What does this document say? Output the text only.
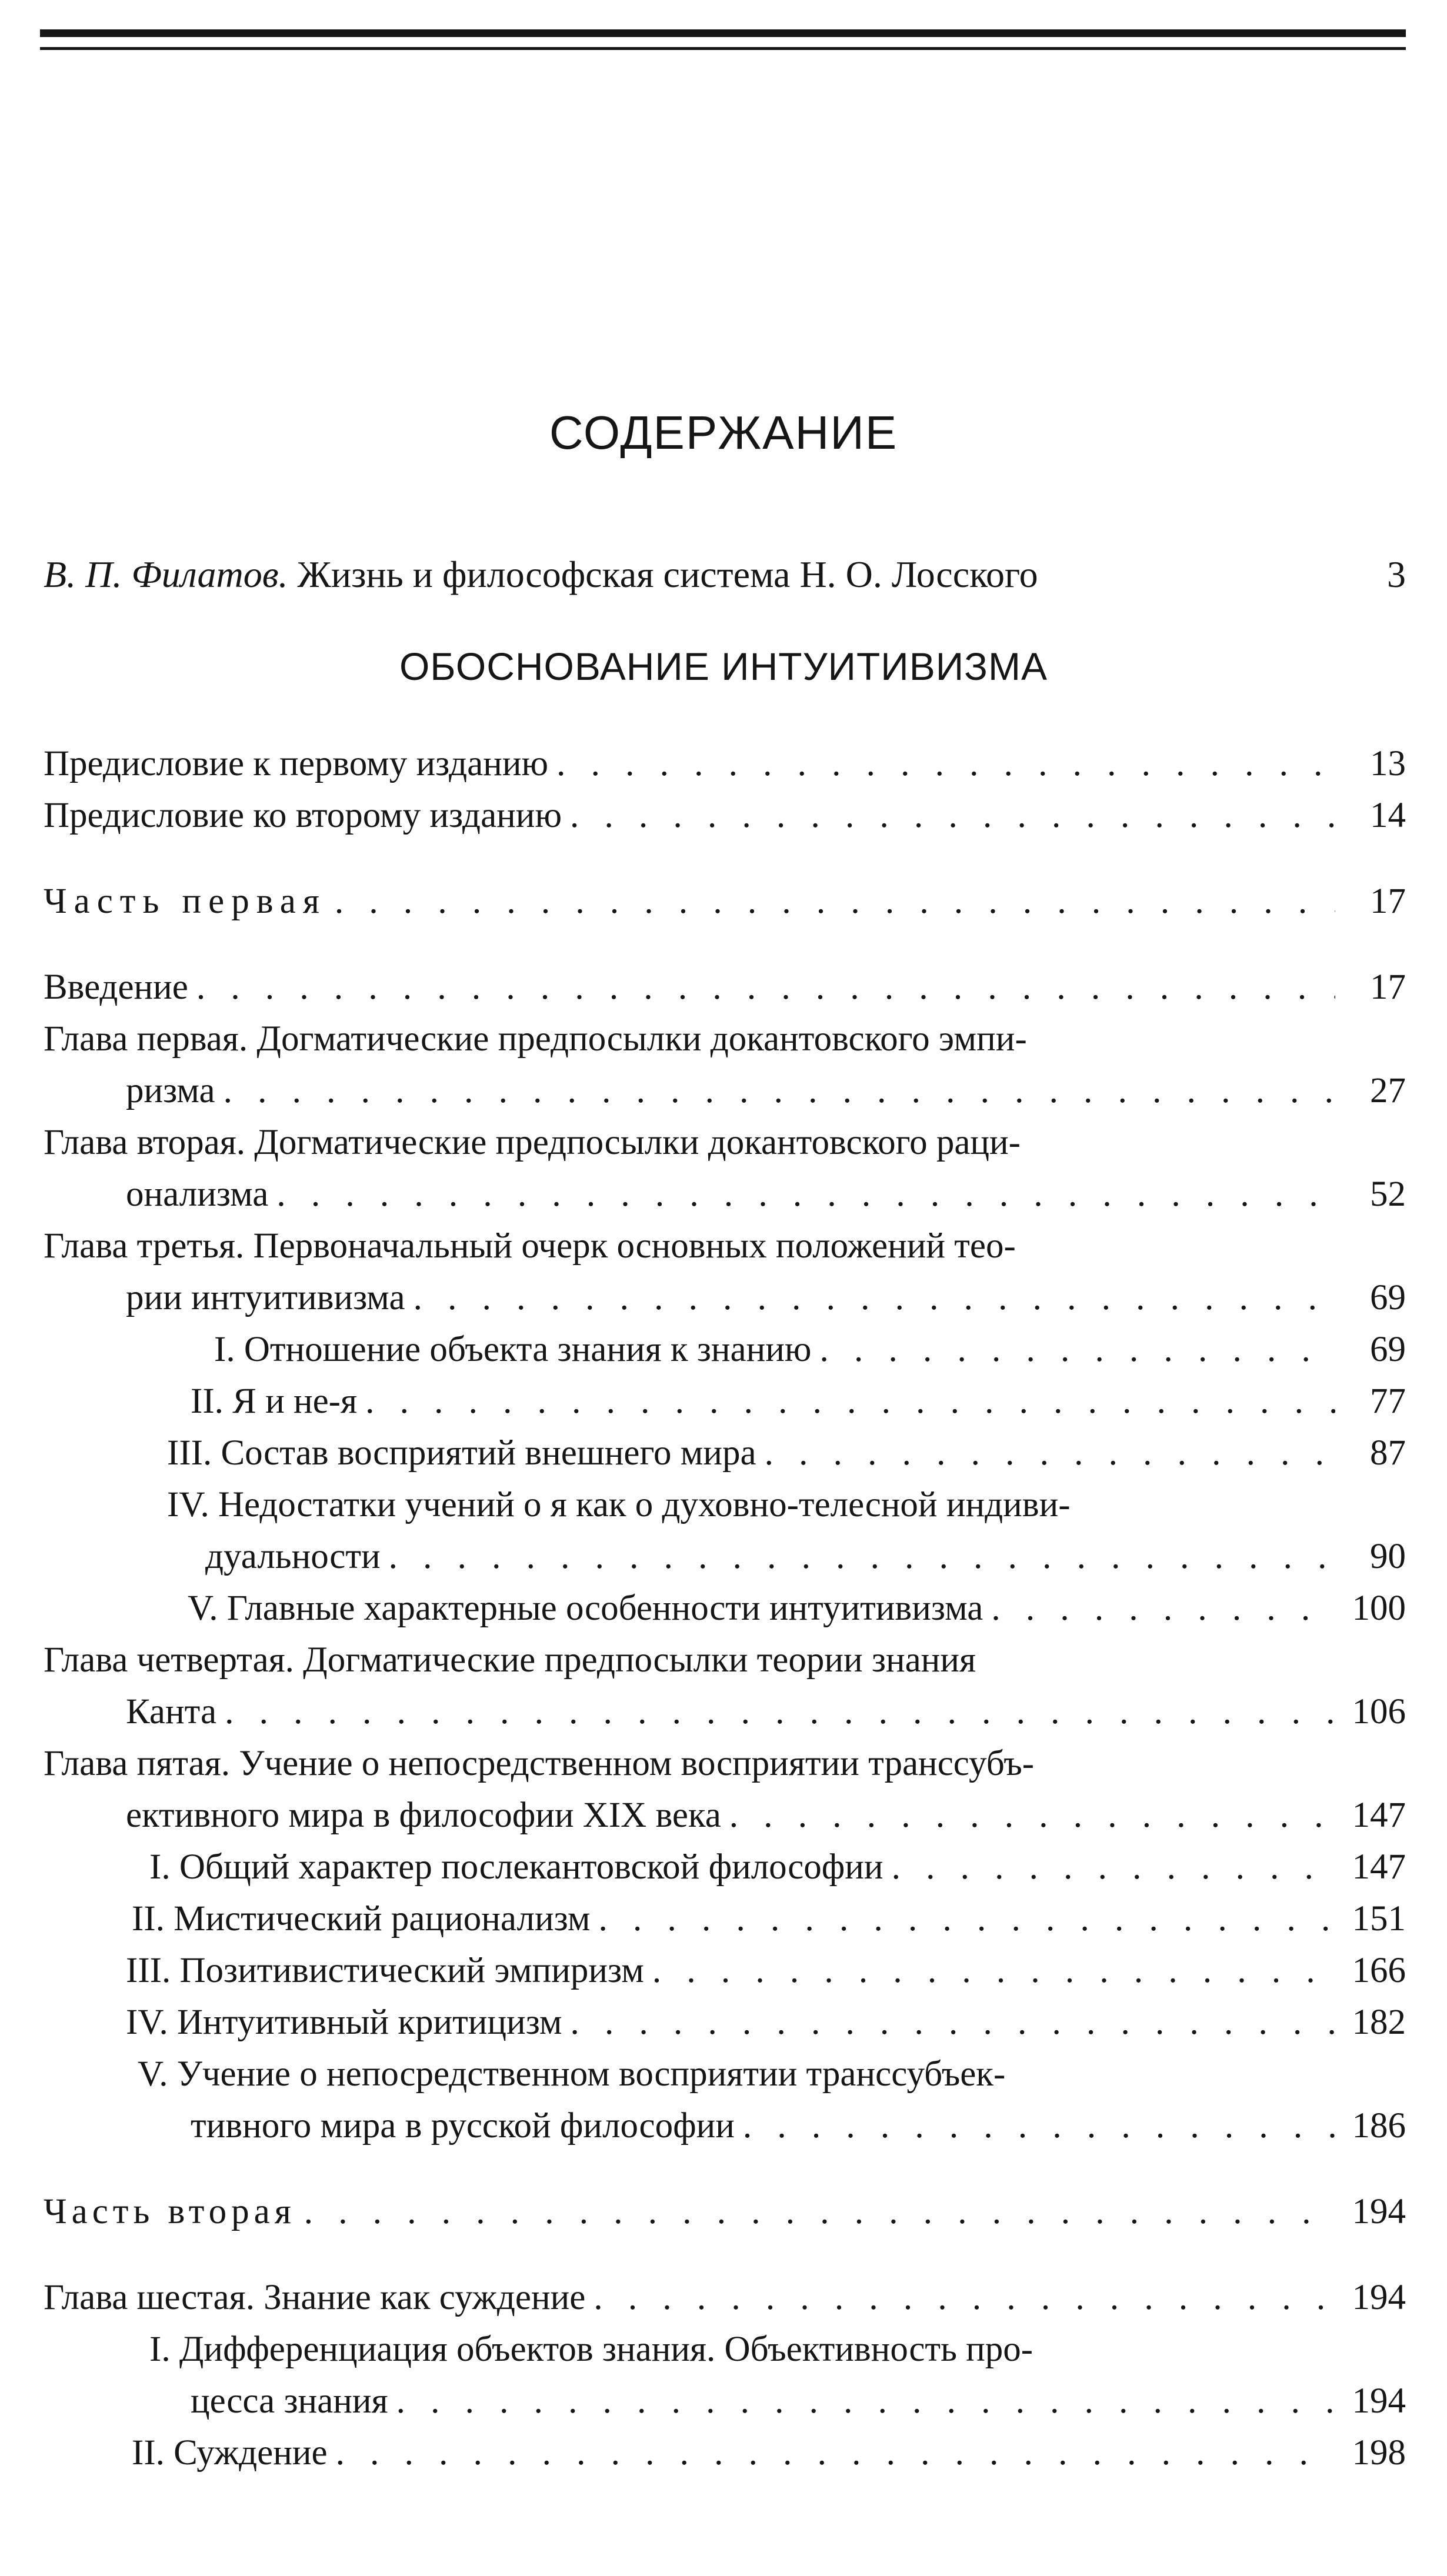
СОДЕРЖАНИЕ
В. П. Филатов. Жизнь и философская система Н. О. Лосского	3
ОБОСНОВАНИЕ ИНТУИТИВИЗМА
Предисловие к первому изданию . . .	13
Предисловие ко второму изданию . . .	14
Часть первая . . .	17
Введение . . .	17
Глава первая. Догматические предпосылки докантовского эмпи-
ризма . . .	27
Глава вторая. Догматические предпосылки докантовского раци-
онализма . . .	52
Глава третья. Первоначальный очерк основных положений тео-
рии интуитивизма . . .	69
I. Отношение объекта знания к знанию . . .	69
II. Я и не-я . . .	77
III. Состав восприятий внешнего мира . . .	87
IV. Недостатки учений о я как о духовно-телесной индиви-
дуальности . . .	90
V. Главные характерные особенности интуитивизма . . .	100
Глава четвертая. Догматические предпосылки теории знания
Канта . . .	106
Глава пятая. Учение о непосредственном восприятии транссубъ-
ективного мира в философии XIX века . . .	147
I. Общий характер послекантовской философии . . .	147
II. Мистический рационализм . . .	151
III. Позитивистический эмпиризм . . .	166
IV. Интуитивный критицизм . . .	182
V. Учение о непосредственном восприятии транссубъек-
тивного мира в русской философии . . .	186
Часть вторая . . .	194
Глава шестая. Знание как суждение . . .	194
I. Дифференциация объектов знания. Объективность про-
цесса знания . . .	194
II. Суждение . . .	198
